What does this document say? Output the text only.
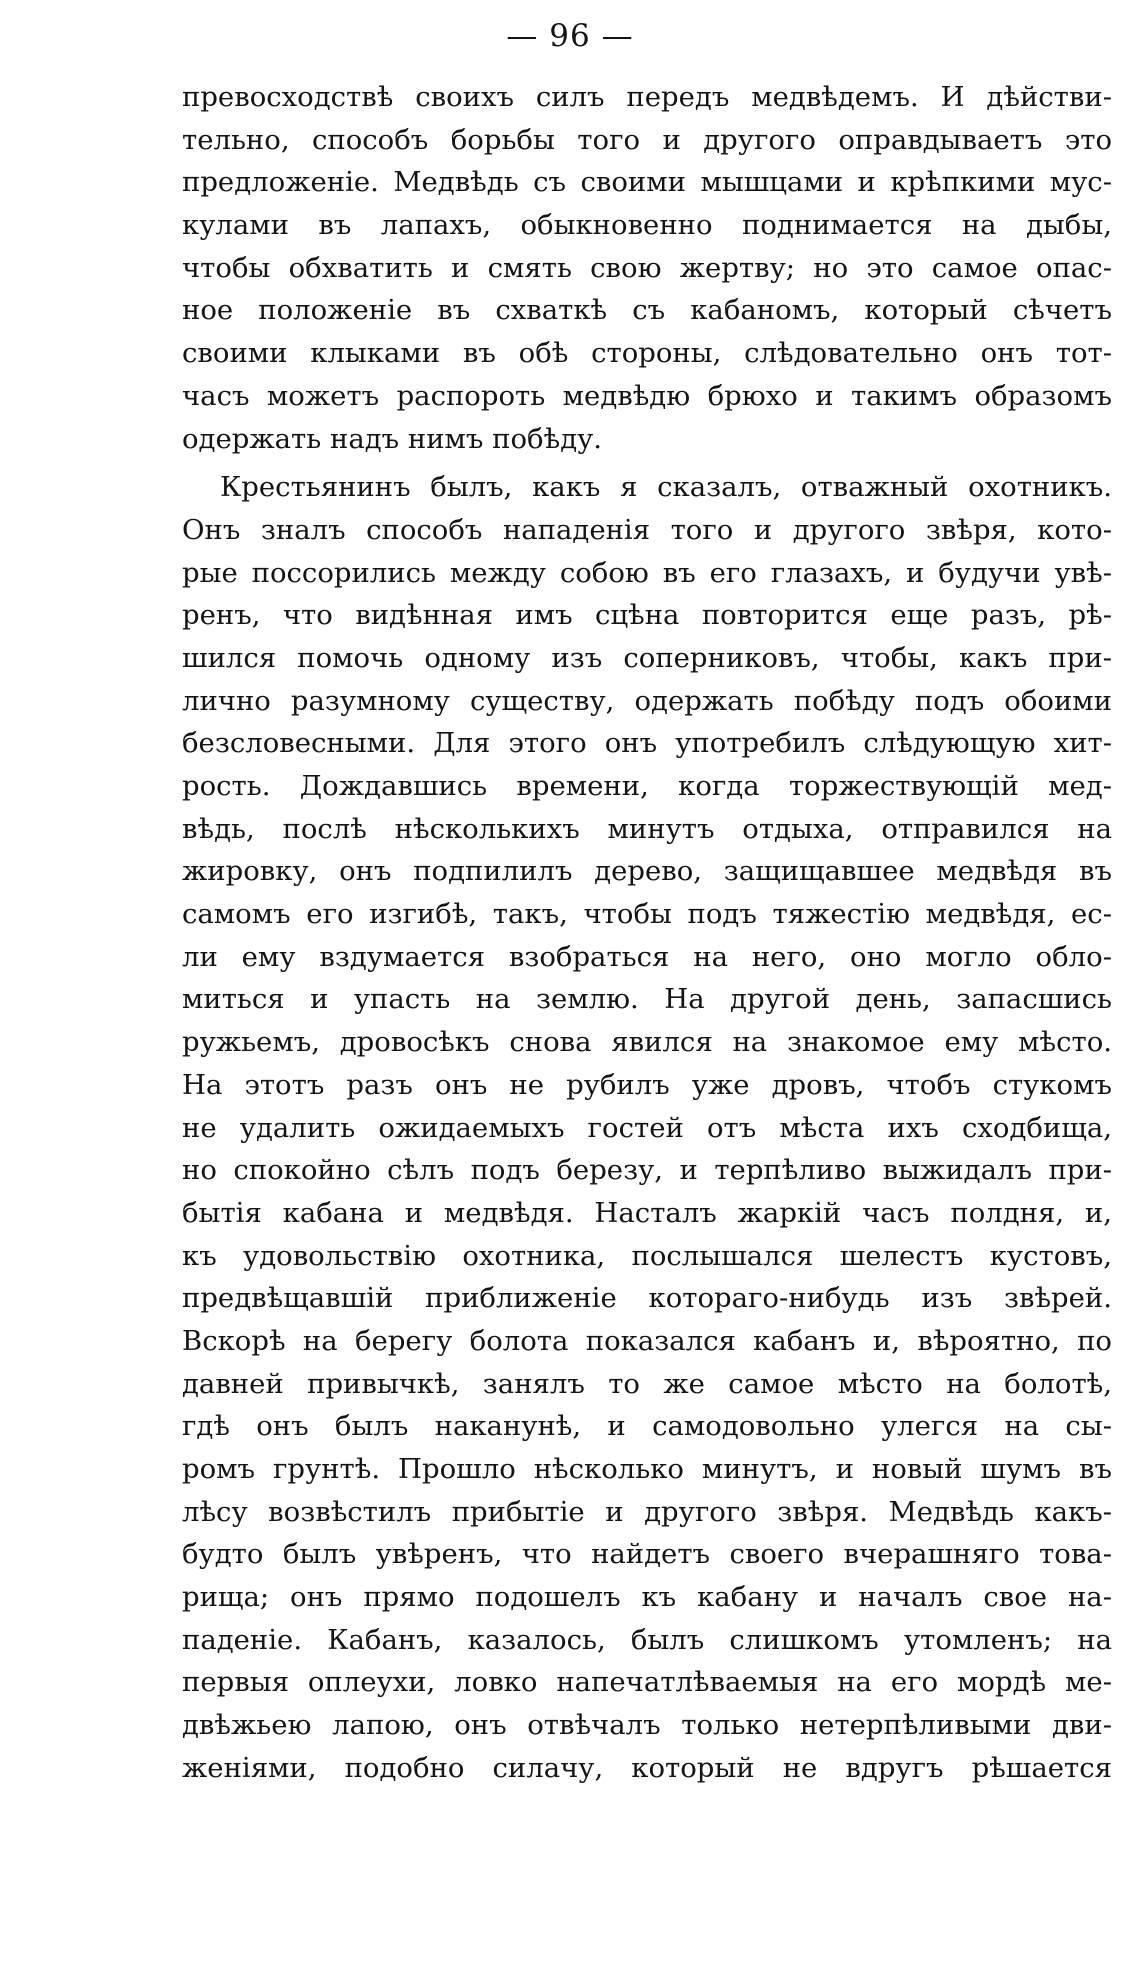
— 96 —
превосходствѣ своихъ силъ передъ медвѣдемъ. И дѣйстви-
тельно, способъ борьбы того и другого оправдываетъ это
предложеніе. Медвѣдь съ своими мышцами и крѣпкими мус-
кулами въ лапахъ, обыкновенно поднимается на дыбы,
чтобы обхватить и смять свою жертву; но это самое опас-
ное положеніе въ схваткѣ съ кабаномъ, который сѣчетъ
своими клыками въ обѣ стороны, слѣдовательно онъ тот-
часъ можетъ распороть медвѣдю брюхо и такимъ образомъ
одержать надъ нимъ побѣду.
Крестьянинъ былъ, какъ я сказалъ, отважный охотникъ.
Онъ зналъ способъ нападенія того и другого звѣря, кото-
рые поссорились между собою въ его глазахъ, и будучи увѣ-
ренъ, что видѣнная имъ сцѣна повторится еще разъ, рѣ-
шился помочь одному изъ соперниковъ, чтобы, какъ при-
лично разумному существу, одержать побѣду подъ обоими
безсловесными. Для этого онъ употребилъ слѣдующую хит-
рость. Дождавшись времени, когда торжествующій мед-
вѣдь, послѣ нѣсколькихъ минутъ отдыха, отправился на
жировку, онъ подпилилъ дерево, защищавшее медвѣдя въ
самомъ его изгибѣ, такъ, чтобы подъ тяжестію медвѣдя, ес-
ли ему вздумается взобраться на него, оно могло обло-
миться и упасть на землю. На другой день, запасшись
ружьемъ, дровосѣкъ снова явился на знакомое ему мѣсто.
На этотъ разъ онъ не рубилъ уже дровъ, чтобъ стукомъ
не удалить ожидаемыхъ гостей отъ мѣста ихъ сходбища,
но спокойно сѣлъ подъ березу, и терпѣливо выжидалъ при-
бытія кабана и медвѣдя. Насталъ жаркій часъ полдня, и,
къ удовольствію охотника, послышался шелестъ кустовъ,
предвѣщавшій приближеніе котораго-нибудь изъ звѣрей.
Вскорѣ на берегу болота показался кабанъ и, вѣроятно, по
давней привычкѣ, занялъ то же самое мѣсто на болотѣ,
гдѣ онъ былъ наканунѣ, и самодовольно улегся на сы-
ромъ грунтѣ. Прошло нѣсколько минутъ, и новый шумъ въ
лѣсу возвѣстилъ прибытіе и другого звѣря. Медвѣдь какъ-
будто былъ увѣренъ, что найдетъ своего вчерашняго това-
рища; онъ прямо подошелъ къ кабану и началъ свое на-
паденіе. Кабанъ, казалось, былъ слишкомъ утомленъ; на
первыя оплеухи, ловко напечатлѣваемыя на его мордѣ ме-
двѣжьею лапою, онъ отвѣчалъ только нетерпѣливыми дви-
женіями, подобно силачу, который не вдругъ рѣшается
